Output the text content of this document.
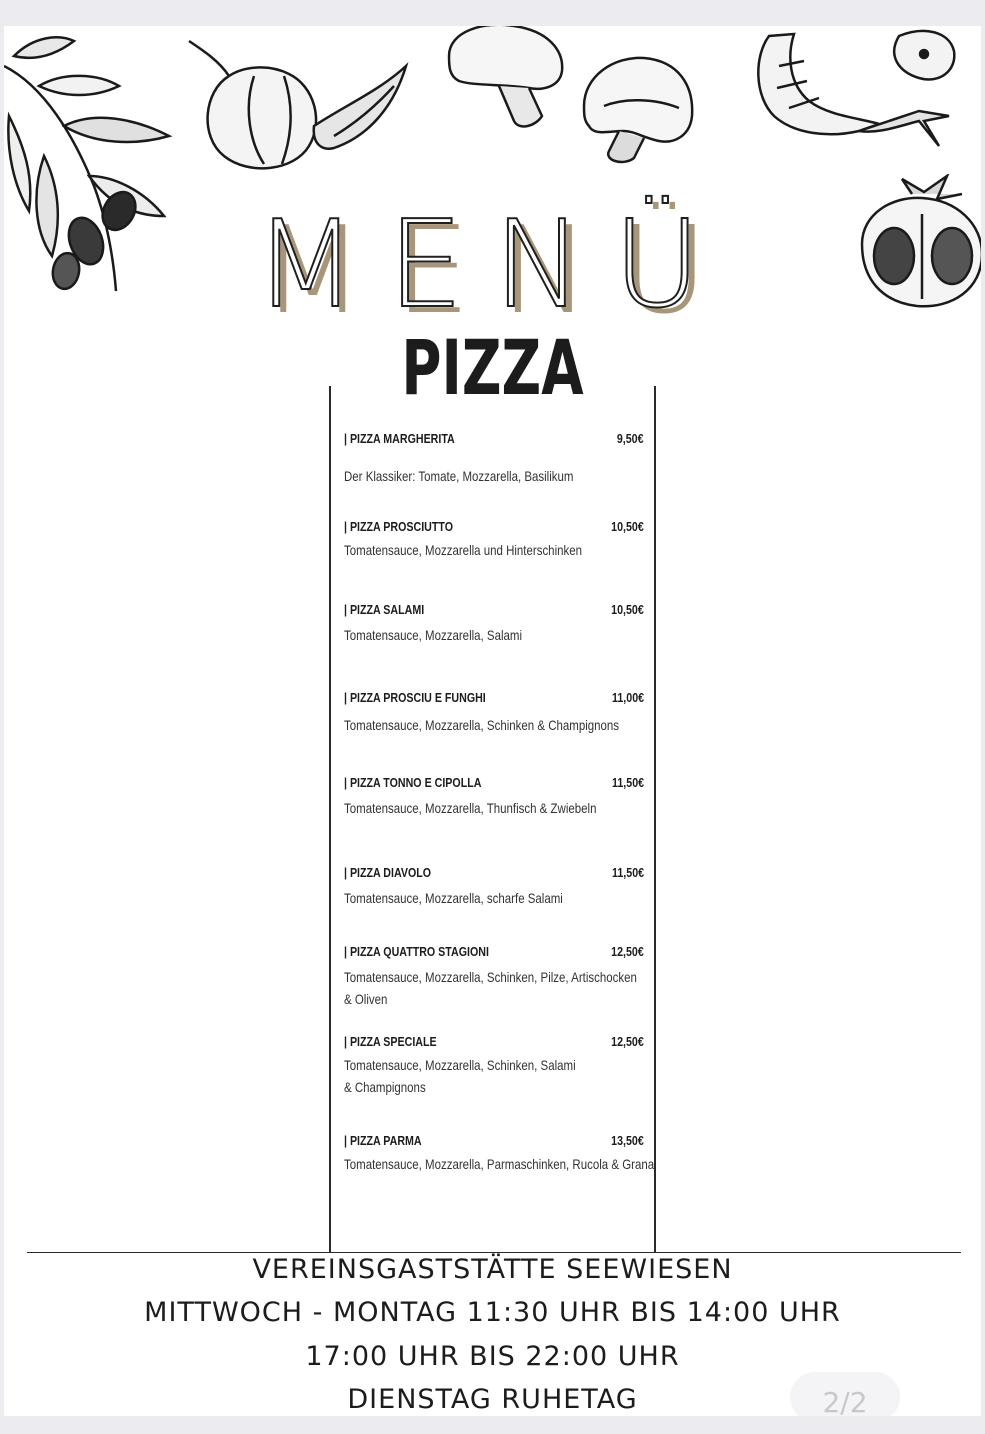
MENÜ
PIZZA
| PIZZA MARGHERITA	9,50€
Der Klassiker: Tomate, Mozzarella, Basilikum
| PIZZA PROSCIUTTO	10,50€
Tomatensauce, Mozzarella und Hinterschinken
| PIZZA SALAMI	10,50€
Tomatensauce, Mozzarella, Salami
| PIZZA PROSCIU E FUNGHI	11,00€
Tomatensauce, Mozzarella, Schinken & Champignons
| PIZZA TONNO E CIPOLLA	11,50€
Tomatensauce, Mozzarella, Thunfisch & Zwiebeln
| PIZZA DIAVOLO	11,50€
Tomatensauce, Mozzarella, scharfe Salami
| PIZZA QUATTRO STAGIONI	12,50€
Tomatensauce, Mozzarella, Schinken, Pilze, Artischocken & Oliven
| PIZZA SPECIALE	12,50€
Tomatensauce, Mozzarella, Schinken, Salami & Champignons
| PIZZA PARMA	13,50€
Tomatensauce, Mozzarella, Parmaschinken, Rucola & Grana
VEREINSGASTSTÄTTE SEEWIESEN
MITTWOCH - MONTAG 11:30 UHR BIS 14:00 UHR
17:00 UHR BIS 22:00 UHR
DIENSTAG RUHETAG	2/2
